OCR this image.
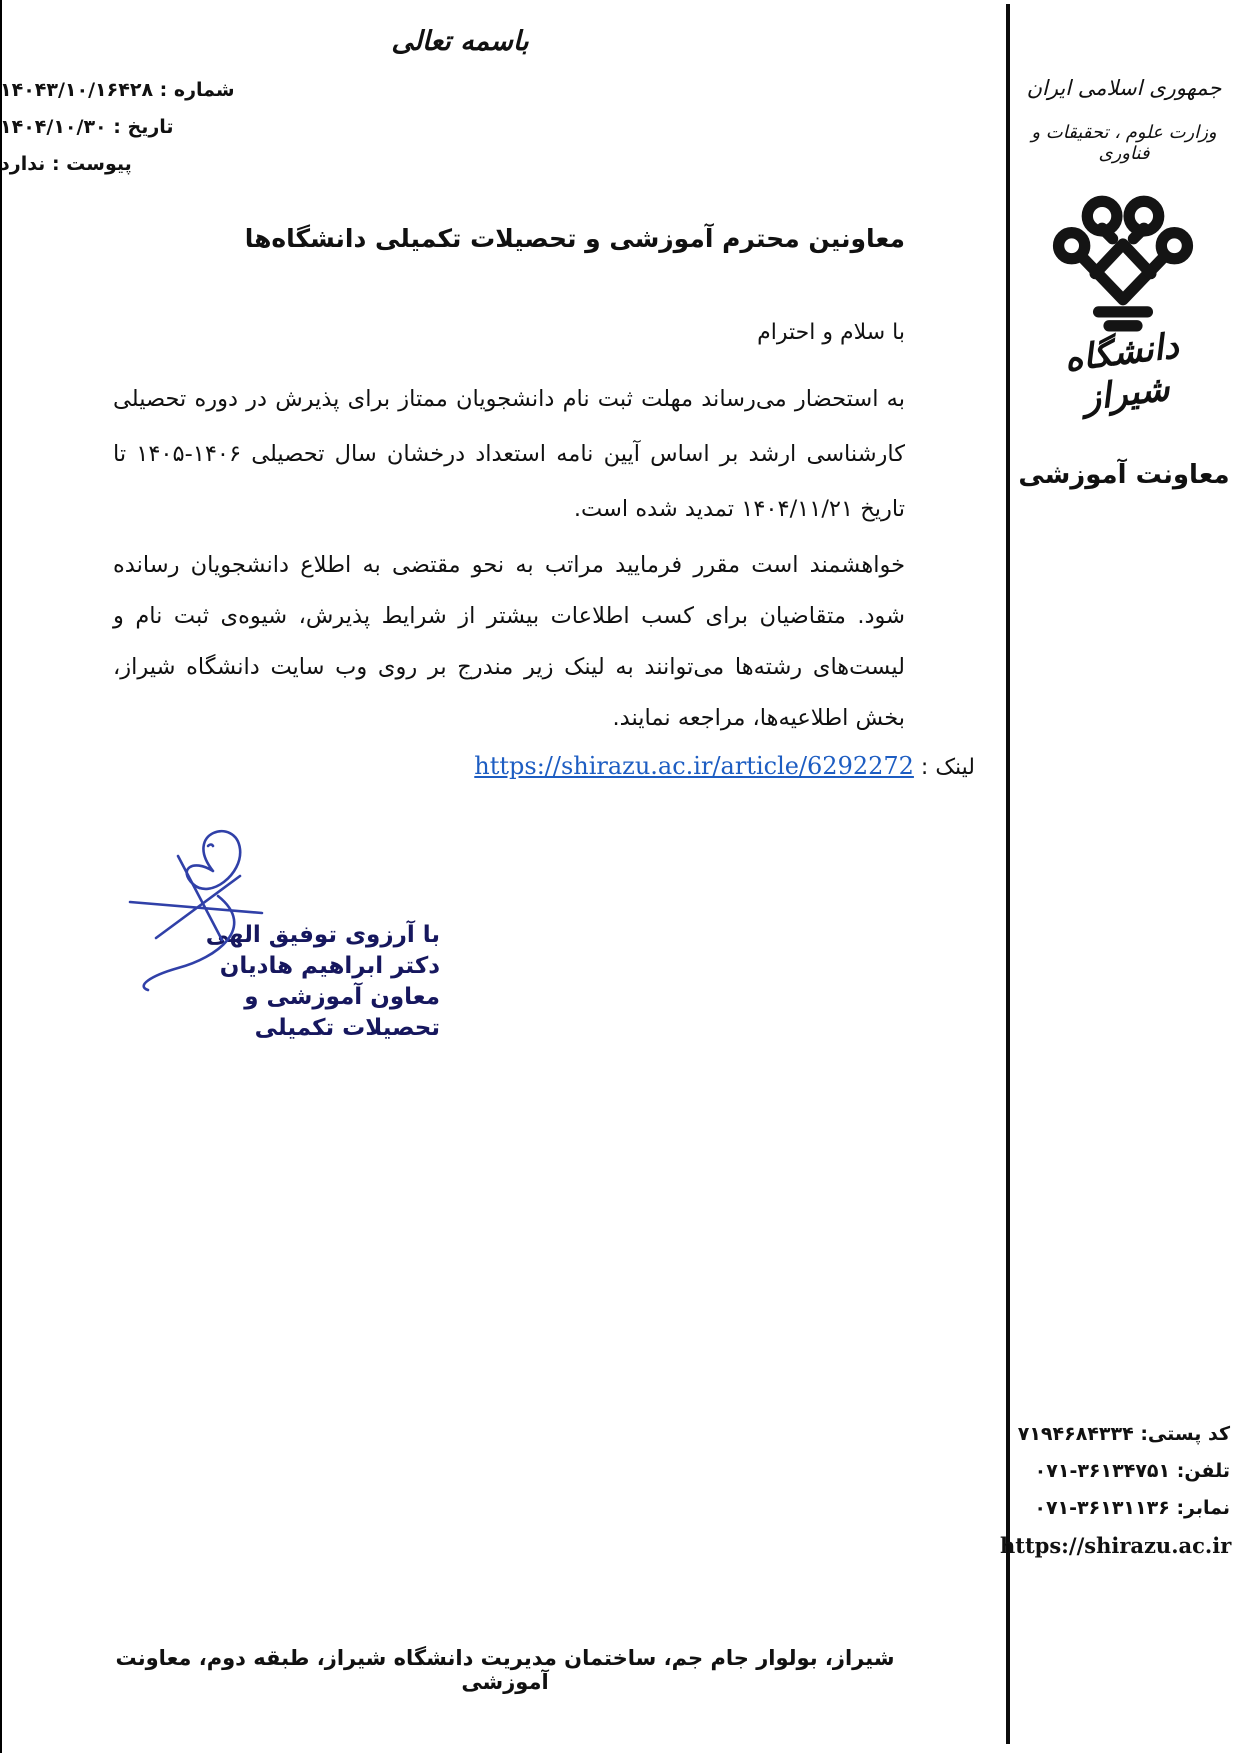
جمهوری اسلامی ایران
وزارت علوم ، تحقیقات و فناوری
دانشگاه شیراز
معاونت آموزشی
کد پستی: ۷۱۹۴۶۸۴۳۳۴
تلفن: ۰۷۱-۳۶۱۳۴۷۵۱
نمابر: ۰۷۱-۳۶۱۳۱۱۳۶
https://shirazu.ac.ir
باسمه تعالی
شماره : ۱۴۰۴۳/۱۰/۱۶۴۲۸
تاریخ : ۱۴۰۴/۱۰/۳۰
پیوست : ندارد
معاونین محترم آموزشی و تحصیلات تکمیلی دانشگاه‌ها
با سلام و احترام
به استحضار می‌رساند مهلت ثبت نام دانشجویان ممتاز برای پذیرش در دوره تحصیلی کارشناسی ارشد بر اساس آیین نامه استعداد درخشان سال تحصیلی ۱۴۰۶-۱۴۰۵ تا تاریخ ۱۴۰۴/۱۱/۲۱ تمدید شده است.
خواهشمند است مقرر فرمایید مراتب به نحو مقتضی به اطلاع دانشجویان رسانده شود. متقاضیان برای کسب اطلاعات بیشتر از شرایط پذیرش، شیوه‌ی ثبت نام و لیست‌های رشته‌ها می‌توانند به لینک زیر مندرج بر روی وب سایت دانشگاه شیراز، بخش اطلاعیه‌ها، مراجعه نمایند.
لینک : https://shirazu.ac.ir/article/6292272
با آرزوی توفیق الهی
دکتر ابراهیم هادیان
معاون آموزشی و
تحصیلات تکمیلی
شیراز، بولوار جام جم، ساختمان مدیریت دانشگاه شیراز، طبقه دوم، معاونت آموزشی
